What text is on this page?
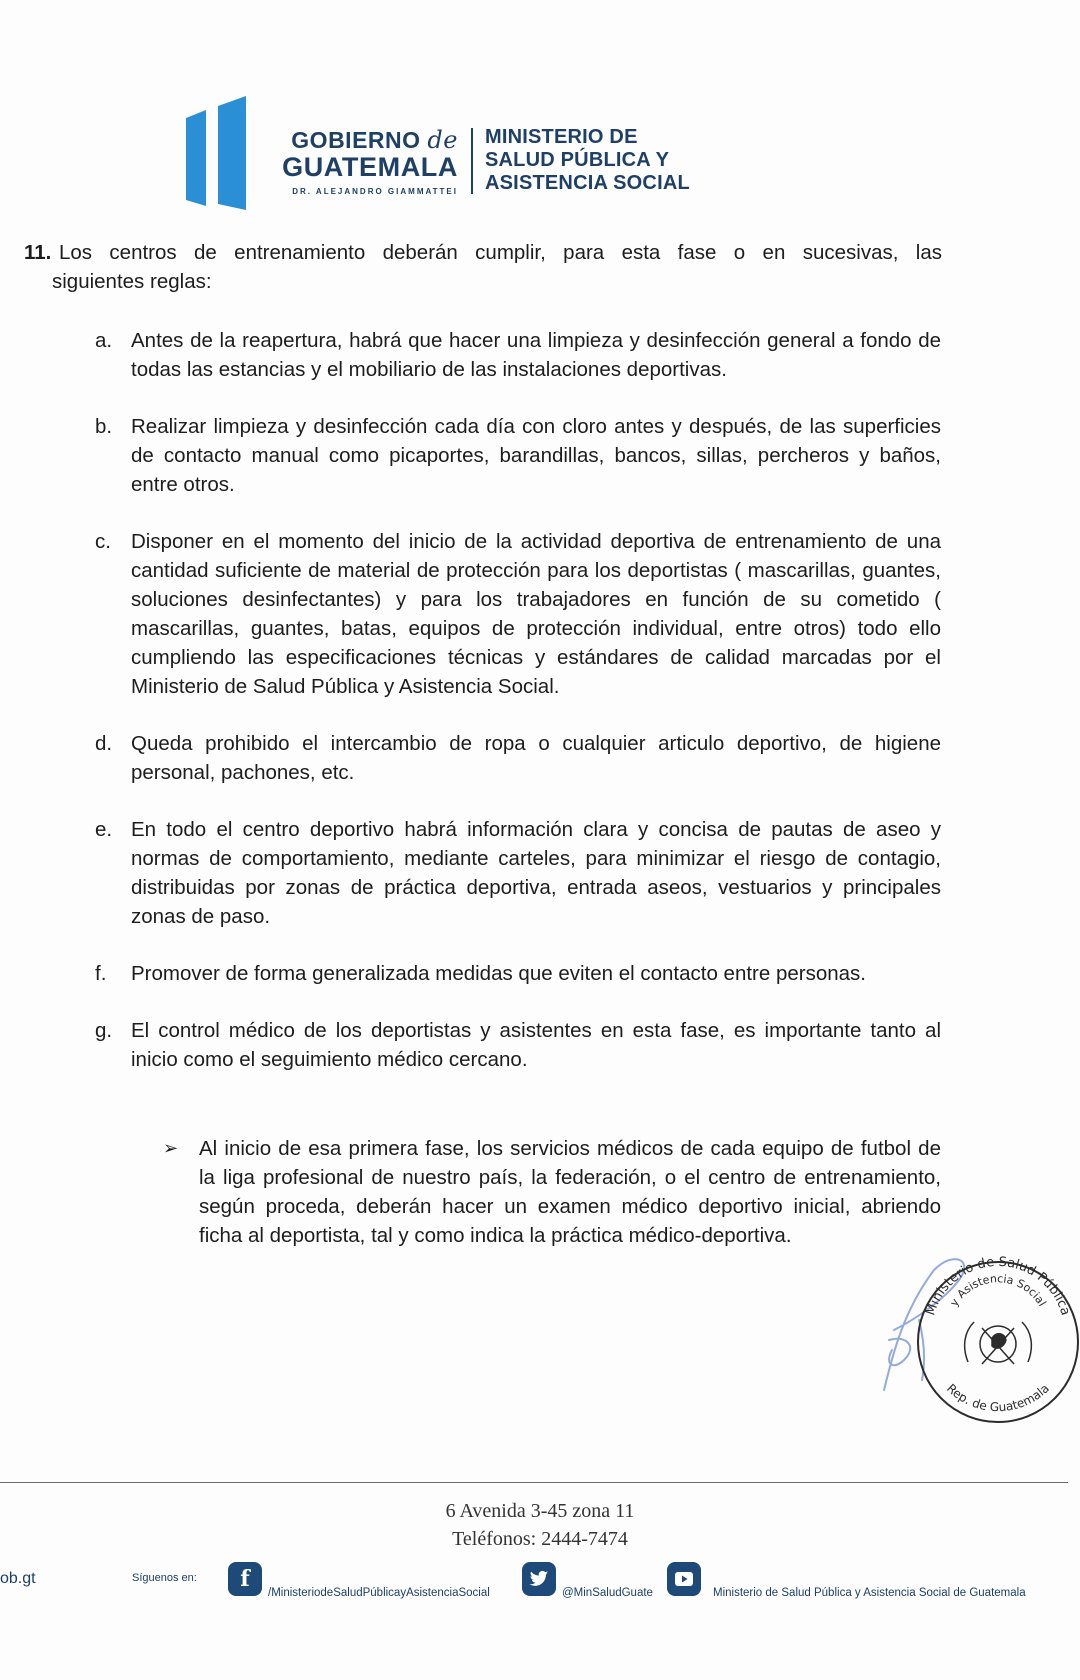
GOBIERNO de
GUATEMALA
DR. ALEJANDRO GIAMMATTEI
MINISTERIO DE
SALUD PÚBLICA Y
ASISTENCIA SOCIAL
11. Los centros de entrenamiento deberán cumplir, para esta fase o en sucesivas, las
siguientes reglas:
a. Antes de la reapertura, habrá que hacer una limpieza y desinfección general a fondo de todas las estancias y el mobiliario de las instalaciones deportivas.
b. Realizar limpieza y desinfección cada día con cloro antes y después, de las superficies de contacto manual como picaportes, barandillas, bancos, sillas, percheros y baños, entre otros.
c. Disponer en el momento del inicio de la actividad deportiva de entrenamiento de una cantidad suficiente de material de protección para los deportistas ( mascarillas, guantes, soluciones desinfectantes) y para los trabajadores en función de su cometido ( mascarillas, guantes, batas, equipos de protección individual, entre otros) todo ello cumpliendo las especificaciones técnicas y estándares de calidad marcadas por el Ministerio de Salud Pública y Asistencia Social.
d. Queda prohibido el intercambio de ropa o cualquier articulo deportivo, de higiene personal, pachones, etc.
e. En todo el centro deportivo habrá información clara y concisa de pautas de aseo y normas de comportamiento, mediante carteles, para minimizar el riesgo de contagio, distribuidas por zonas de práctica deportiva, entrada aseos, vestuarios y principales zonas de paso.
f.	Promover de forma generalizada medidas que eviten el contacto entre personas.
g. El control médico de los deportistas y asistentes en esta fase, es importante tanto al inicio como el seguimiento médico cercano.
➢	Al inicio de esa primera fase, los servicios médicos de cada equipo de futbol de la liga profesional de nuestro país, la federación, o el centro de entrenamiento, según proceda, deberán hacer un examen médico deportivo inicial, abriendo ficha al deportista, tal y como indica la práctica médico-deportiva.
Ministerio de Salud Pública
y Asistencia Social
Rep. de Guatemala
6 Avenida 3-45 zona 11
Teléfonos: 2444-7474
ob.gt	Síguenos en:	f
/MinisteriodeSaludPúblicayAsistenciaSocial	@MinSaludGuate	Ministerio de Salud Pública y Asistencia Social de Guatemala
